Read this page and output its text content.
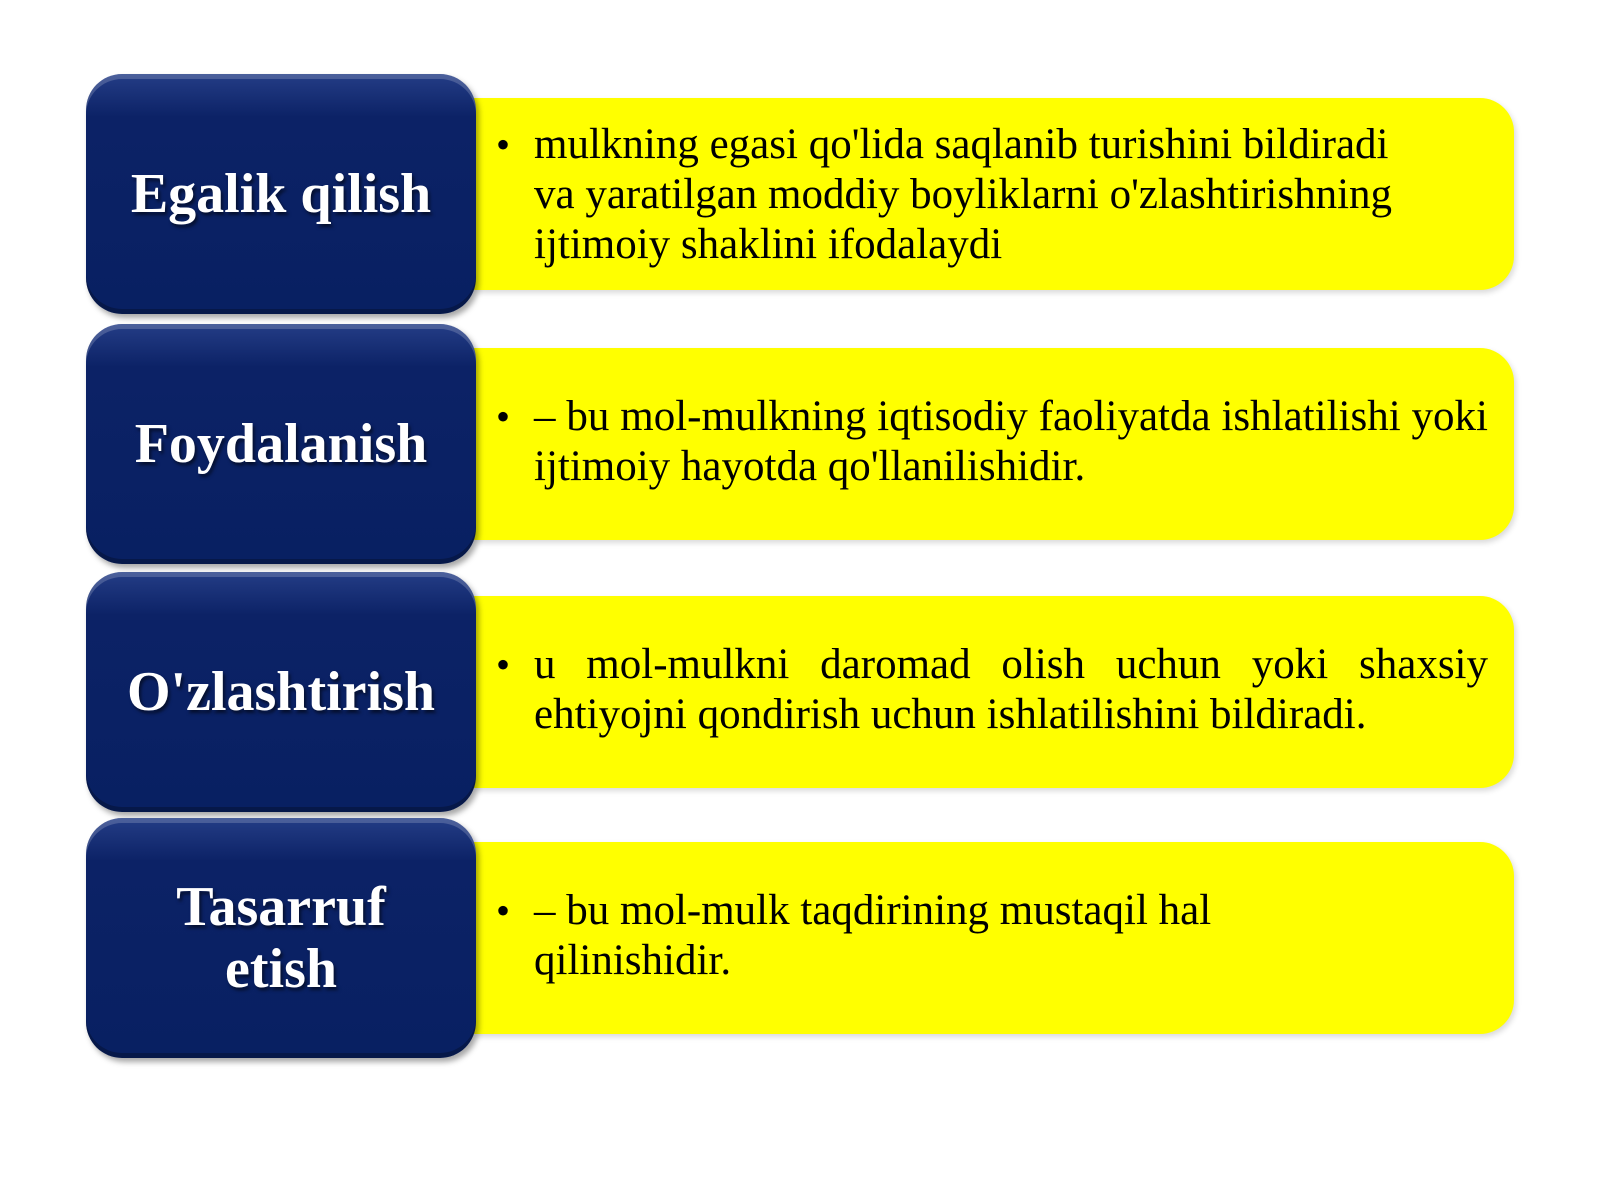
Egalik qilish
• mulkning egasi qo'lida saqlanib turishini bildiradi va yaratilgan moddiy boyliklarni o'zlashtirishning ijtimoiy shaklini ifodalaydi
Foydalanish	• – bu mol-mulkning iqtisodiy faoliyatda ishlatilishi yoki ijtimoiy hayotda qo'llanilishidir.
O'zlashtirish	• u mol-mulkni daromad olish uchun yoki shaxsiy ehtiyojni qondirish uchun ishlatilishini bildiradi.
Tasarruf etish
• – bu mol-mulk taqdirining mustaqil hal qilinishidir.
